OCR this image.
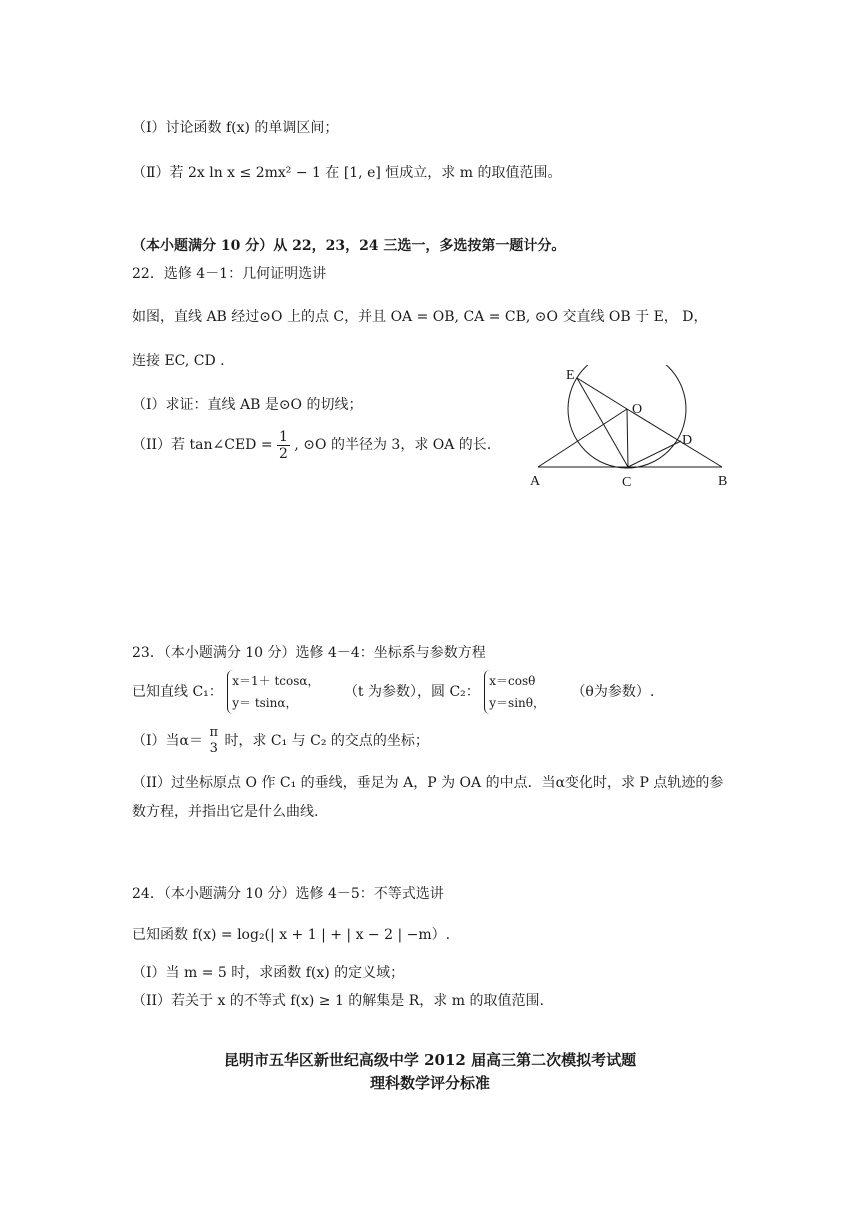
（Ⅰ）讨论函数 f(x) 的单调区间；
（Ⅱ）若 2x ln x ≤ 2mx² − 1 在 [1, e] 恒成立，求 m 的取值范围。
（本小题满分 10 分）从 22，23，24 三选一，多选按第一题计分。
22．选修 4－1：几何证明选讲
如图，直线 AB 经过⊙O 上的点 C，并且 OA = OB, CA = CB, ⊙O 交直线 OB 于 E， D，
连接 EC, CD .
（I）求证：直线 AB 是⊙O 的切线；
（II）若 tan∠CED = $\frac{1}{2}$ , ⊙O 的半径为 3，求 OA 的长.
E
O
D
A	C	B
23．（本小题满分 10 分）选修 4－4：坐标系与参数方程
已知直线 C₁：
x＝1＋ tcosα，
y＝ tsinα，
（t 为参数），圆 C₂：
x＝cosθ
y＝sinθ，
（θ为参数）.
（I）当α＝
π
3 时，求 C₁ 与 C₂ 的交点的坐标；
（II）过坐标原点 O 作 C₁ 的垂线，垂足为 A，P 为 OA 的中点．当α变化时，求 P 点轨迹的参
数方程，并指出它是什么曲线.
24．（本小题满分 10 分）选修 4－5：不等式选讲
已知函数 f(x) = log₂(| x + 1 | + | x − 2 | −m）.
（I）当 m = 5 时，求函数 f(x) 的定义域；
（II）若关于 x 的不等式 f(x) ≥ 1 的解集是 R，求 m 的取值范围.
昆明市五华区新世纪高级中学 2012 届高三第二次模拟考试题
理科数学评分标准
